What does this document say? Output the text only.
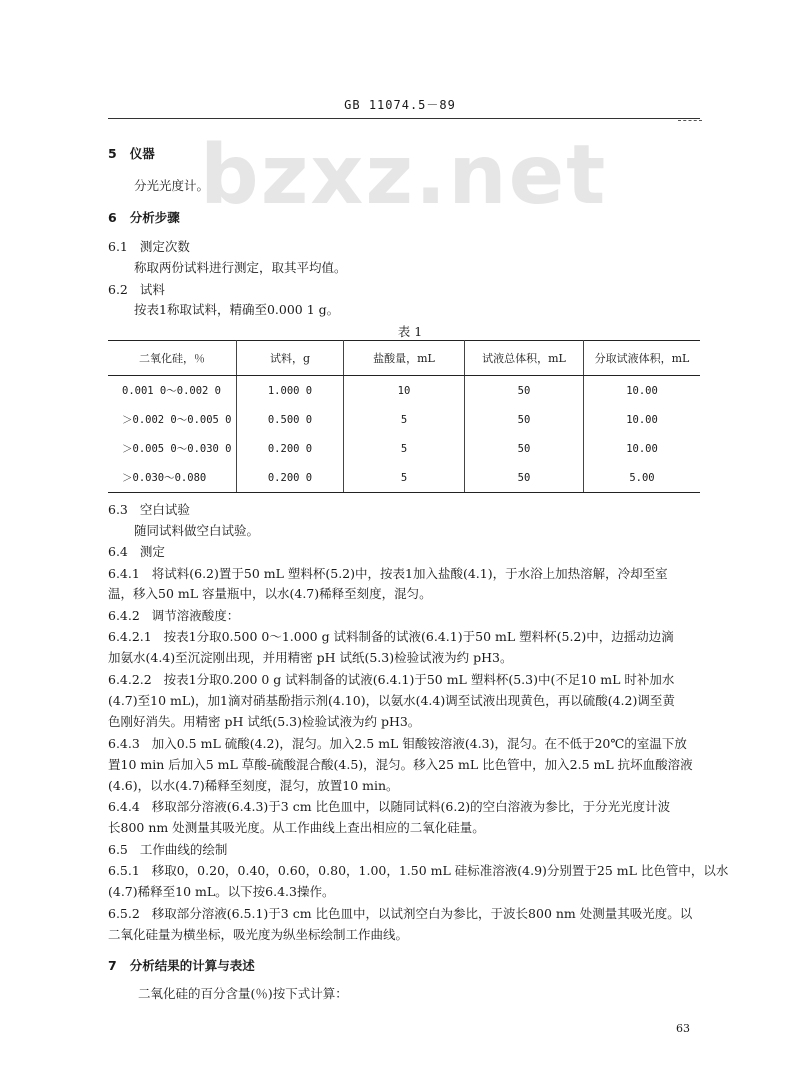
GB 11074.5－89
bzxz.net
5 仪器
分光光度计。
6 分析步骤
6.1 测定次数
称取两份试料进行测定，取其平均值。
6.2 试料
按表1称取试料，精确至0.000 1 g。
表 1
二氧化硅，％	试料，g	盐酸量，mL	试液总体积，mL	分取试液体积，mL
0.001 0～0.002 0	1.000 0	10	50	10.00
＞0.002 0～0.005 0	0.500 0	5	50	10.00
＞0.005 0～0.030 0	0.200 0	5	50	10.00
＞0.030～0.080	0.200 0	5	50	5.00
6.3 空白试验
随同试料做空白试验。
6.4 测定
6.4.1 将试料(6.2)置于50 mL 塑料杯(5.2)中，按表1加入盐酸(4.1)，于水浴上加热溶解，冷却至室
温，移入50 mL 容量瓶中，以水(4.7)稀释至刻度，混匀。
6.4.2 调节溶液酸度：
6.4.2.1 按表1分取0.500 0～1.000 g 试料制备的试液(6.4.1)于50 mL 塑料杯(5.2)中，边摇动边滴
加氨水(4.4)至沉淀刚出现，并用精密 pH 试纸(5.3)检验试液为约 pH3。
6.4.2.2 按表1分取0.200 0 g 试料制备的试液(6.4.1)于50 mL 塑料杯(5.3)中(不足10 mL 时补加水
(4.7)至10 mL)，加1滴对硝基酚指示剂(4.10)，以氨水(4.4)调至试液出现黄色，再以硫酸(4.2)调至黄
色刚好消失。用精密 pH 试纸(5.3)检验试液为约 pH3。
6.4.3 加入0.5 mL 硫酸(4.2)，混匀。加入2.5 mL 钼酸铵溶液(4.3)，混匀。在不低于20℃的室温下放
置10 min 后加入5 mL 草酸-硫酸混合酸(4.5)，混匀。移入25 mL 比色管中，加入2.5 mL 抗坏血酸溶液
(4.6)，以水(4.7)稀释至刻度，混匀，放置10 min。
6.4.4 移取部分溶液(6.4.3)于3 cm 比色皿中，以随同试料(6.2)的空白溶液为参比，于分光光度计波
长800 nm 处测量其吸光度。从工作曲线上查出相应的二氧化硅量。
6.5 工作曲线的绘制
6.5.1 移取0，0.20，0.40，0.60，0.80，1.00，1.50 mL 硅标准溶液(4.9)分别置于25 mL 比色管中，以水
(4.7)稀释至10 mL。以下按6.4.3操作。
6.5.2 移取部分溶液(6.5.1)于3 cm 比色皿中，以试剂空白为参比，于波长800 nm 处测量其吸光度。以
二氧化硅量为横坐标，吸光度为纵坐标绘制工作曲线。
7 分析结果的计算与表述
二氧化硅的百分含量(％)按下式计算：
63
